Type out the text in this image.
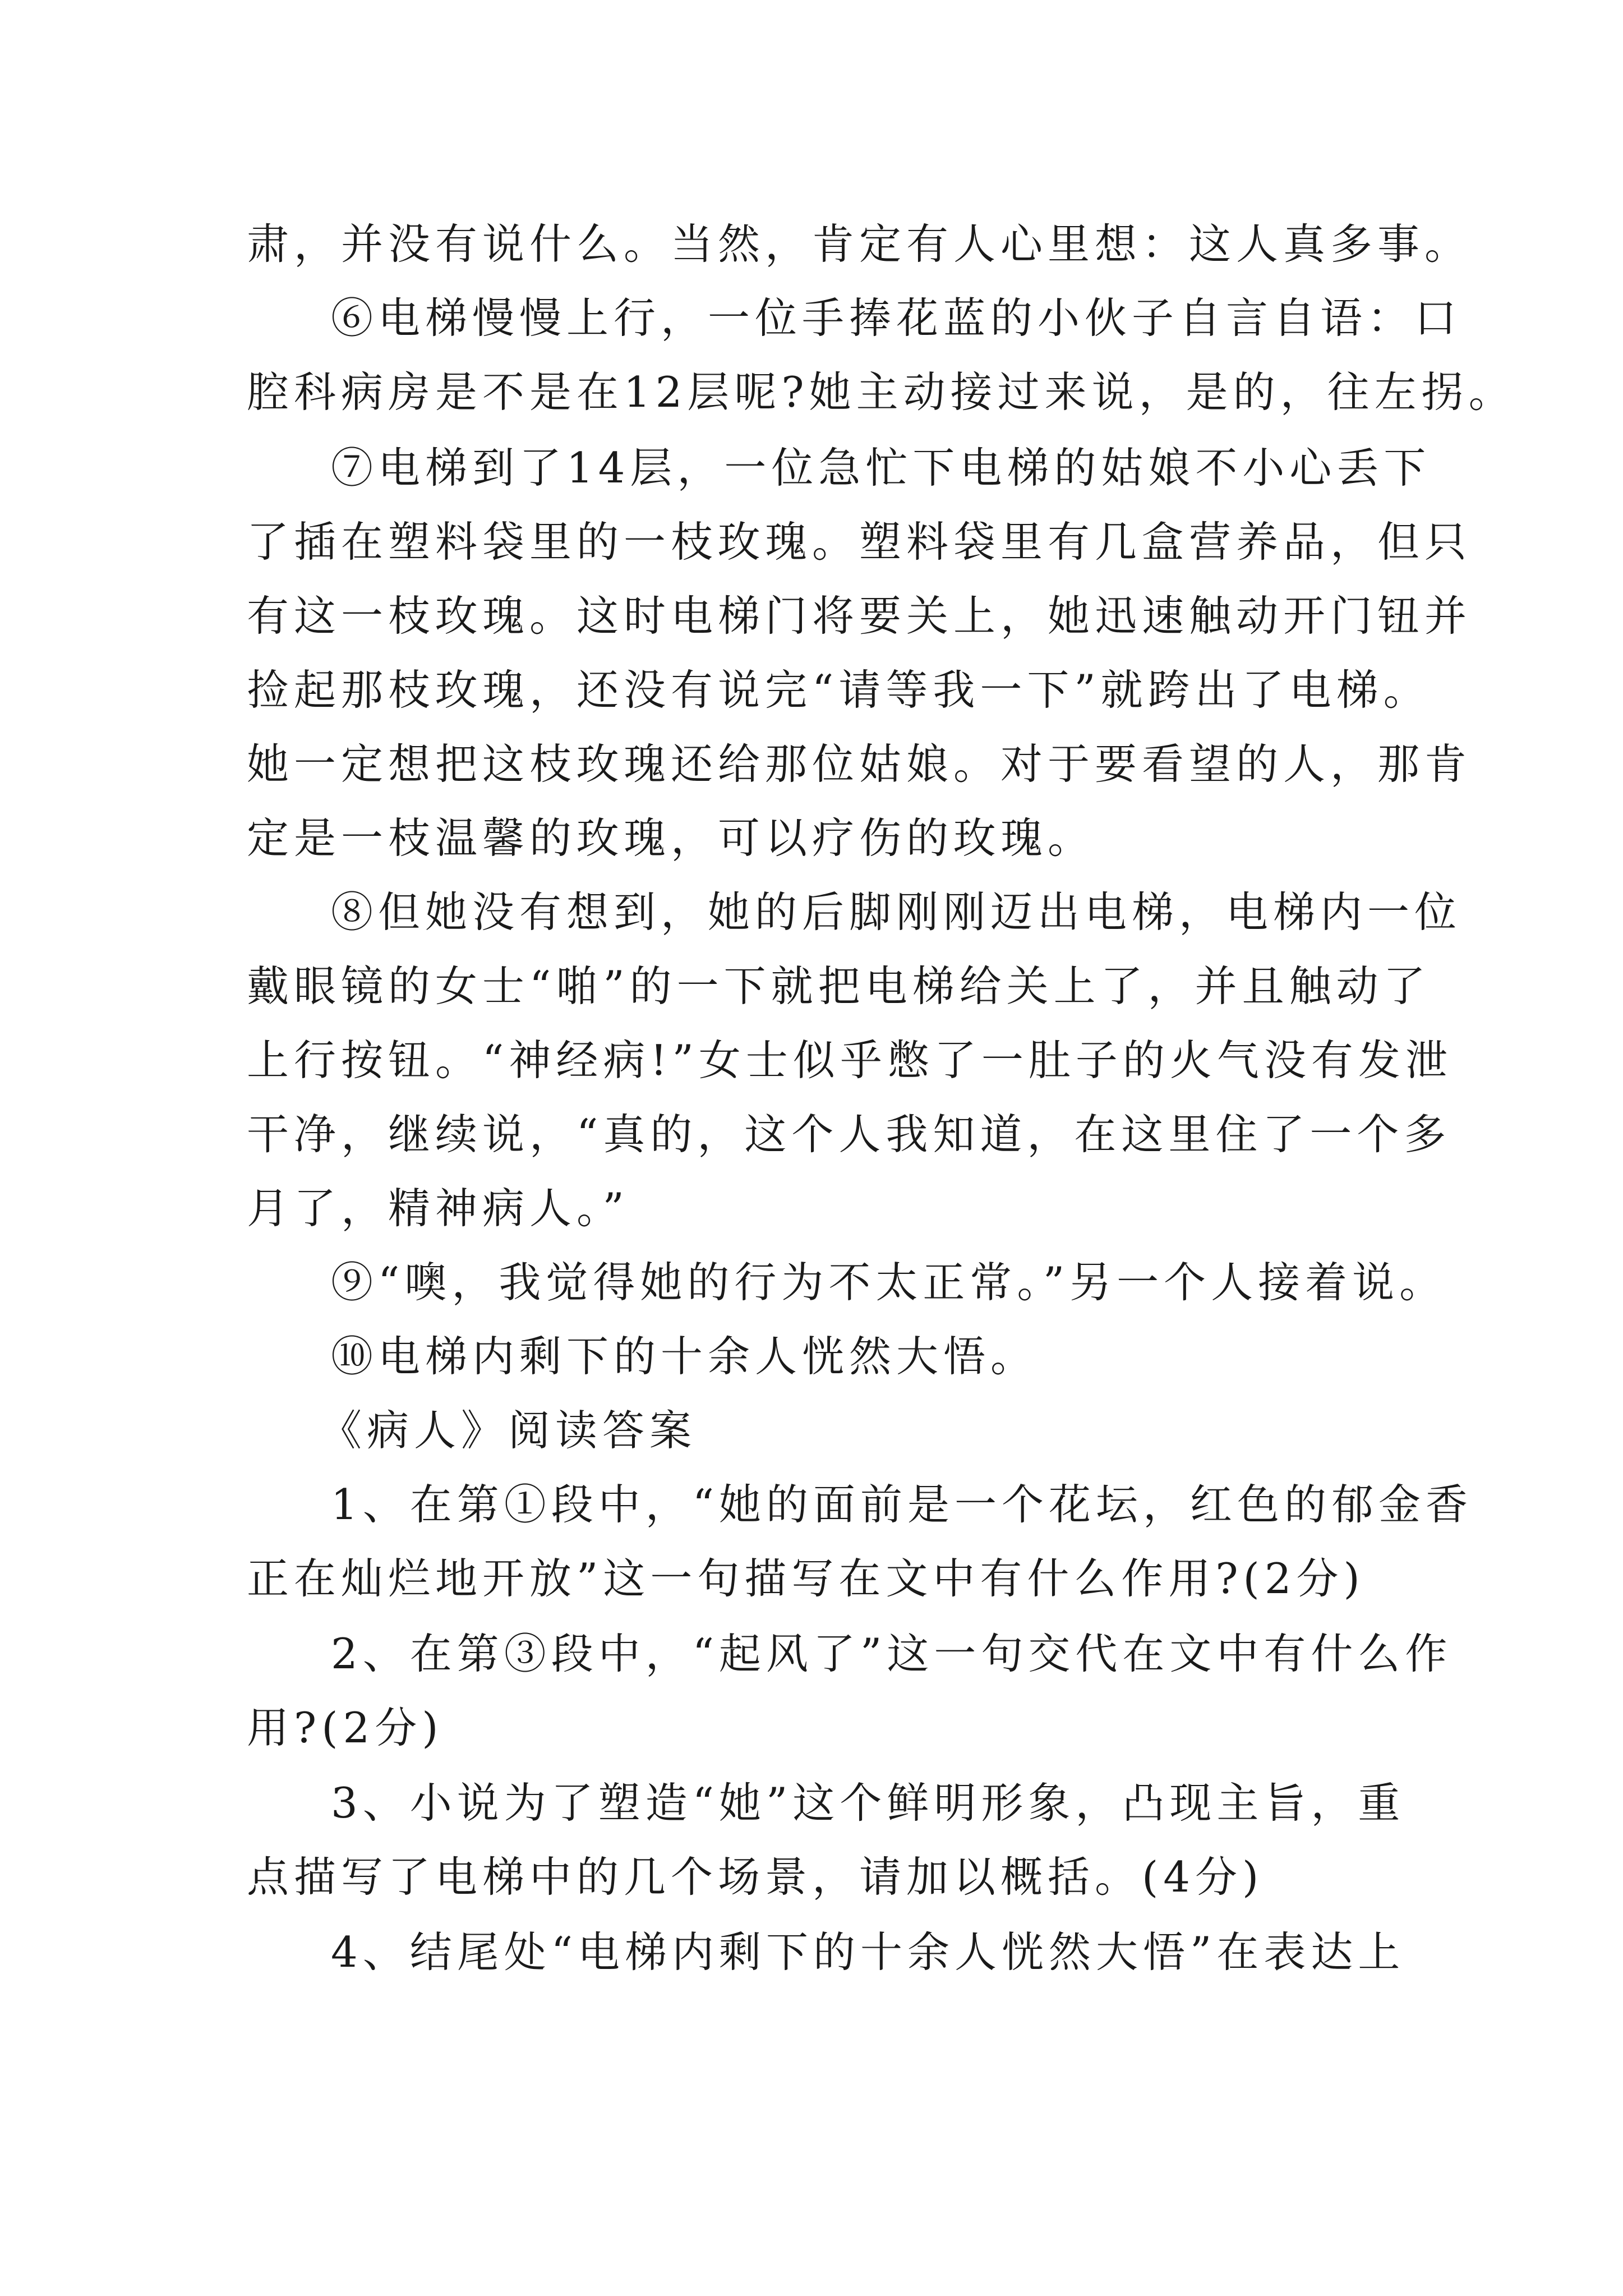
肃，并没有说什么。当然，肯定有人心里想：这人真多事。
⑥电梯慢慢上行，一位手捧花蓝的小伙子自言自语：口
腔科病房是不是在12层呢?她主动接过来说，是的，往左拐。
⑦电梯到了14层，一位急忙下电梯的姑娘不小心丢下
了插在塑料袋里的一枝玫瑰。塑料袋里有几盒营养品，但只
有这一枝玫瑰。这时电梯门将要关上，她迅速触动开门钮并
捡起那枝玫瑰，还没有说完“请等我一下”就跨出了电梯。
她一定想把这枝玫瑰还给那位姑娘。对于要看望的人，那肯
定是一枝温馨的玫瑰，可以疗伤的玫瑰。
⑧但她没有想到，她的后脚刚刚迈出电梯，电梯内一位
戴眼镜的女士“啪”的一下就把电梯给关上了，并且触动了
上行按钮。“神经病!”女士似乎憋了一肚子的火气没有发泄
干净，继续说，“真的，这个人我知道，在这里住了一个多
月了，精神病人。”
⑨“噢，我觉得她的行为不太正常。”另一个人接着说。
⑩电梯内剩下的十余人恍然大悟。
《病人》阅读答案
1、在第①段中，“她的面前是一个花坛，红色的郁金香
正在灿烂地开放”这一句描写在文中有什么作用?(2分)
2、在第③段中，“起风了”这一句交代在文中有什么作
用?(2分)
3、小说为了塑造“她”这个鲜明形象，凸现主旨，重
点描写了电梯中的几个场景，请加以概括。(4分)
4、结尾处“电梯内剩下的十余人恍然大悟”在表达上
